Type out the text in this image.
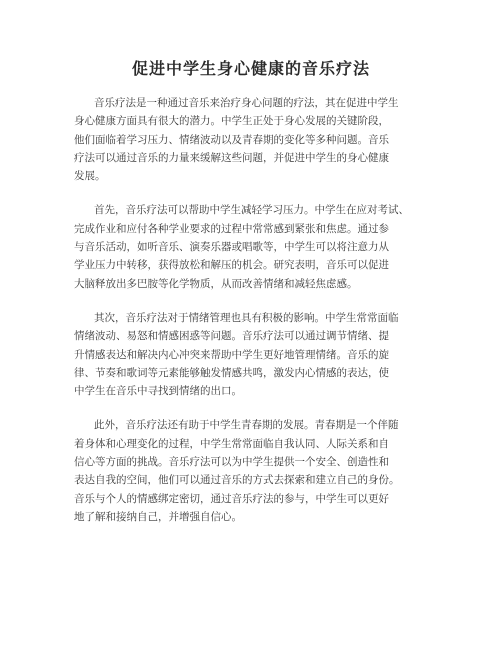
促进中学生身心健康的音乐疗法
音乐疗法是一种通过音乐来治疗身心问题的疗法，其在促进中学生
身心健康方面具有很大的潜力。中学生正处于身心发展的关键阶段，
他们面临着学习压力、情绪波动以及青春期的变化等多种问题。音乐
疗法可以通过音乐的力量来缓解这些问题，并促进中学生的身心健康
发展。
首先，音乐疗法可以帮助中学生减轻学习压力。中学生在应对考试、
完成作业和应付各种学业要求的过程中常常感到紧张和焦虑。通过参
与音乐活动，如听音乐、演奏乐器或唱歌等，中学生可以将注意力从
学业压力中转移，获得放松和解压的机会。研究表明，音乐可以促进
大脑释放出多巴胺等化学物质，从而改善情绪和减轻焦虑感。
其次，音乐疗法对于情绪管理也具有积极的影响。中学生常常面临
情绪波动、易怒和情感困惑等问题。音乐疗法可以通过调节情绪、提
升情感表达和解决内心冲突来帮助中学生更好地管理情绪。音乐的旋
律、节奏和歌词等元素能够触发情感共鸣，激发内心情感的表达，使
中学生在音乐中寻找到情绪的出口。
此外，音乐疗法还有助于中学生青春期的发展。青春期是一个伴随
着身体和心理变化的过程，中学生常常面临自我认同、人际关系和自
信心等方面的挑战。音乐疗法可以为中学生提供一个安全、创造性和
表达自我的空间，他们可以通过音乐的方式去探索和建立自己的身份。
音乐与个人的情感绑定密切，通过音乐疗法的参与，中学生可以更好
地了解和接纳自己，并增强自信心。
